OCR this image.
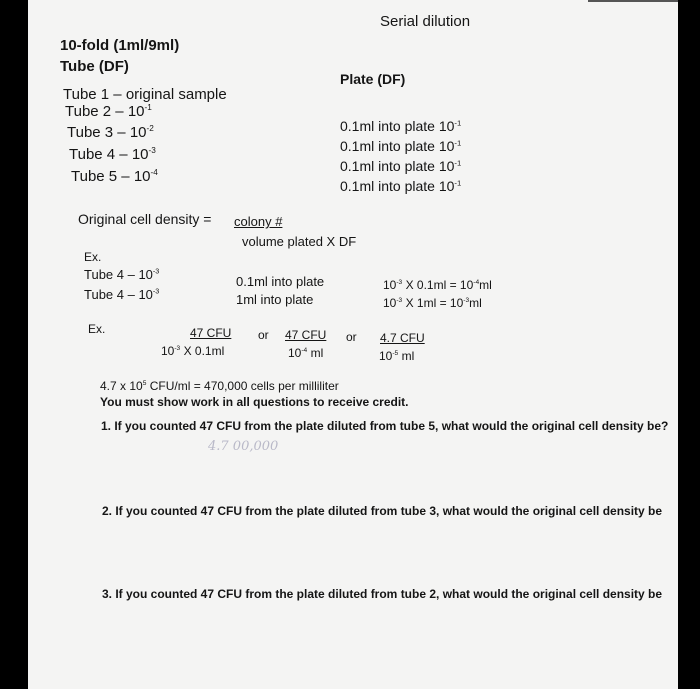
Serial dilution
10-fold (1ml/9ml)
Tube (DF)
Plate (DF)
Tube 1 – original sample
Tube $2 - 10^{-1}$
Tube $3 - 10^{-2}$
Tube $4 - 10^{-3}$
Tube $5 - 10^{-4}$
0.1ml into plate $10^{-1}$
0.1ml into plate $10^{-1}$
0.1ml into plate $10^{-1}$
0.1ml into plate $10^{-1}$
Original cell density = colony #
volume plated X DF
Ex.
Tube $4 - 10^{-3}$
Tube $4 - 10^{-3}$
0.1ml into plate
1ml into plate
$10^{-3}$ X $0.1ml = 10^{-4}ml$
$10^{-3}$ X $1ml = 10^{-3}ml$
Ex.	47 CFU
$10^{-3}$ X 0.1ml
or 47 CFU
$10^{-4}$ ml
or 4.7 CFU
$10^{-5}$ ml
4.7 x $10^5$ CFU/ml = 470,000 cells per milliliter
You must show work in all questions to receive credit.
1. If you counted 47 CFU from the plate diluted from tube 5, what would the original cell density be?
4.7 00,000
2. If you counted 47 CFU from the plate diluted from tube 3, what would the original cell density be
3. If you counted 47 CFU from the plate diluted from tube 2, what would the original cell density be
